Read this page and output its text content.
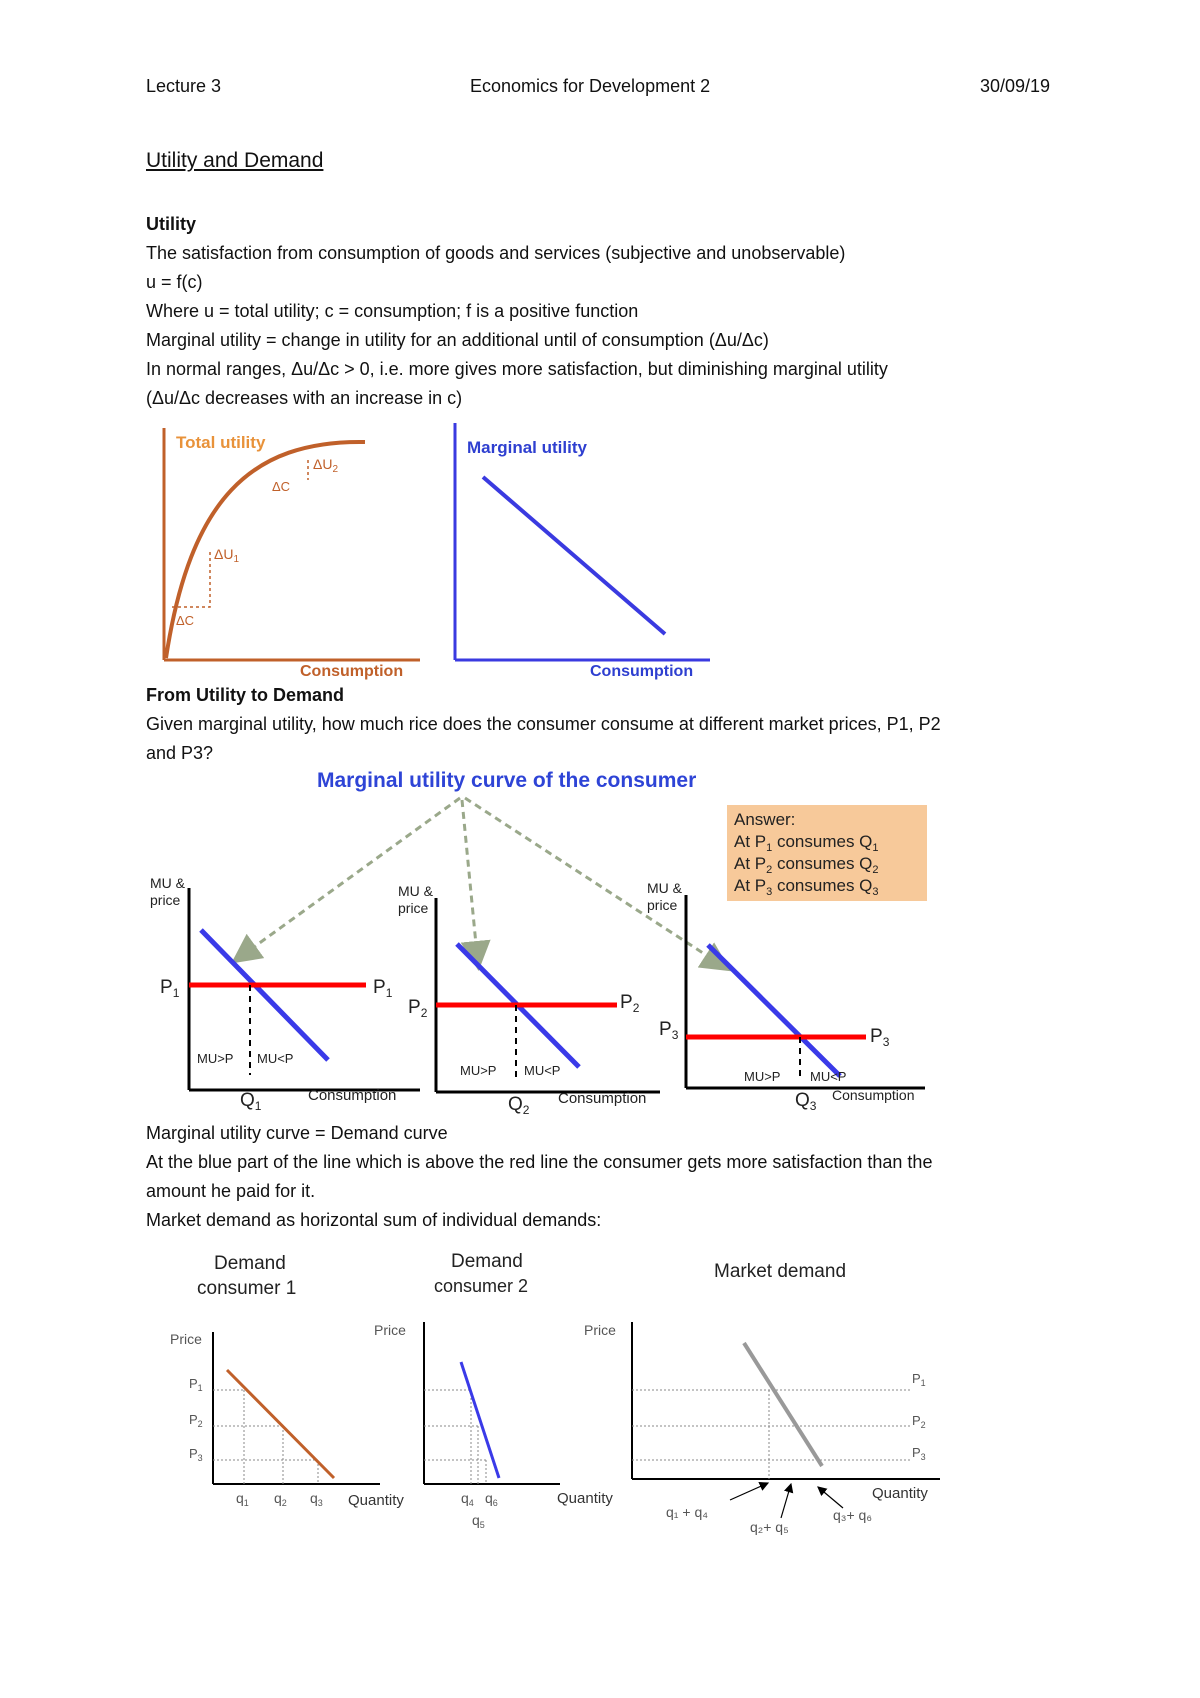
Lecture 3	Economics for Development 2	30/09/19
Utility and Demand
Utility
The satisfaction from consumption of goods and services (subjective and unobservable)
u = f(c)
Where u = total utility; c = consumption; f is a positive function
Marginal utility = change in utility for an additional until of consumption (Δu/Δc)
In normal ranges, Δu/Δc > 0, i.e. more gives more satisfaction, but diminishing marginal utility
(Δu/Δc decreases with an increase in c)
From Utility to Demand
Given marginal utility, how much rice does the consumer consume at different market prices, P1, P2
and P3?
Marginal utility curve = Demand curve
At the blue part of the line which is above the red line the consumer gets more satisfaction than the
amount he paid for it.
Market demand as horizontal sum of individual demands:
Total utility
$\Delta U_2$
ΔC
$\Delta U_1$
ΔC
Consumption
Marginal utility
Consumption
Marginal utility curve of the consumer
Answer:
At $P_1$ consumes $Q_1$
At $P_2$ consumes $Q_2$
At $P_3$ consumes $Q_3$
MU &
price
$P_1$	$P_1$
MU>P MU<P
$Q_1$
Consumption
MU &
price
$P_2$	$P_2$
MU>P MU<P
$Q_2$
Consumption
MU &
price
$P_3$	$P_3$
MU>P MU<P
$Q_3$
Consumption
Demand
consumer 1
Demand
consumer 2
Market demand
Price
$P_1$
$P_2$
$P_3$
$q_1$ $q_2$ $q_3$ Quantity
Price
$q_4$ $q_6$
$q_5$
Quantity
Price
$P_1$
$P_2$
$P_3$
Quantity
q₁ + q₄
q₂+ q₅
q₃+ q₆
